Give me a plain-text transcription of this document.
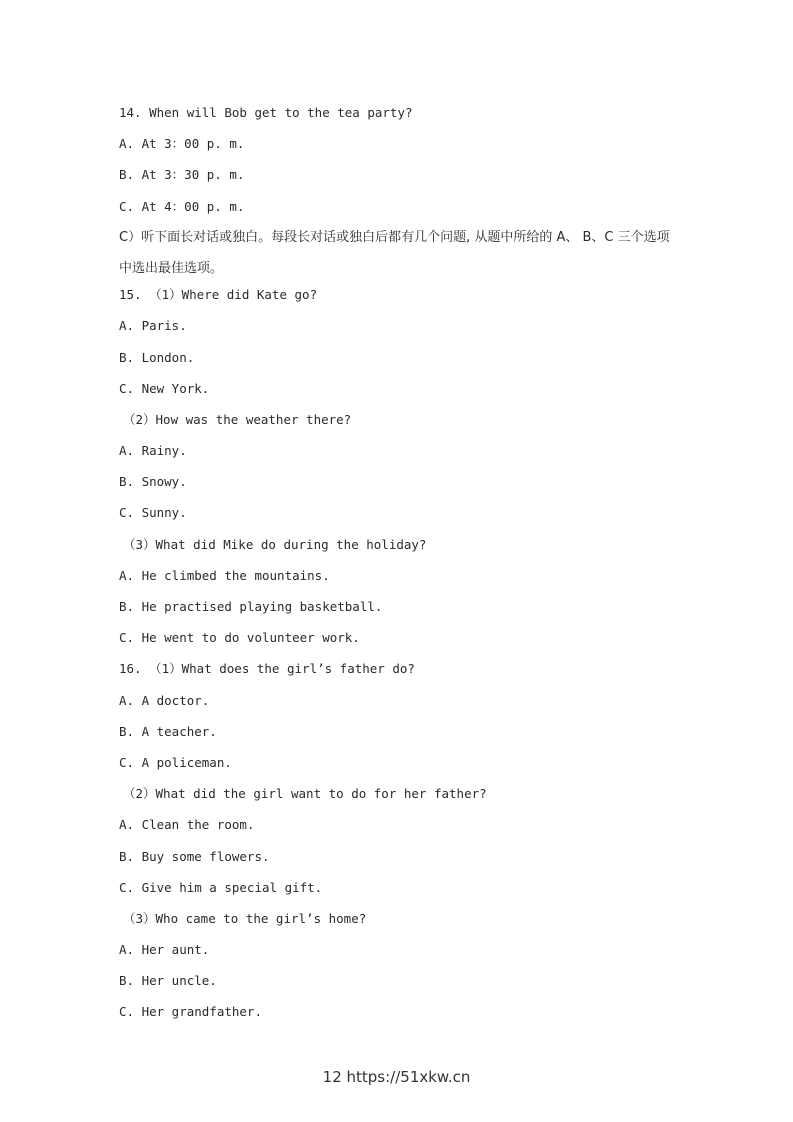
14. When will Bob get to the tea party?
A. At 3：00 p. m.
B. At 3：30 p. m.
C. At 4：00 p. m.
C）听下面长对话或独白。每段长对话或独白后都有几个问题, 从题中所给的 A、 B、C 三个选项中选出最佳选项。
15. （1）Where did Kate go?
A. Paris.
B. London.
C. New York.
（2）How was the weather there?
A. Rainy.
B. Snowy.
C. Sunny.
（3）What did Mike do during the holiday?
A. He climbed the mountains.
B. He practised playing basketball.
C. He went to do volunteer work.
16. （1）What does the girl’s father do?
A. A doctor.
B. A teacher.
C. A policeman.
（2）What did the girl want to do for her father?
A. Clean the room.
B. Buy some flowers.
C. Give him a special gift.
（3）Who came to the girl’s home?
A. Her aunt.
B. Her uncle.
C. Her grandfather.
12 https://51xkw.cn
